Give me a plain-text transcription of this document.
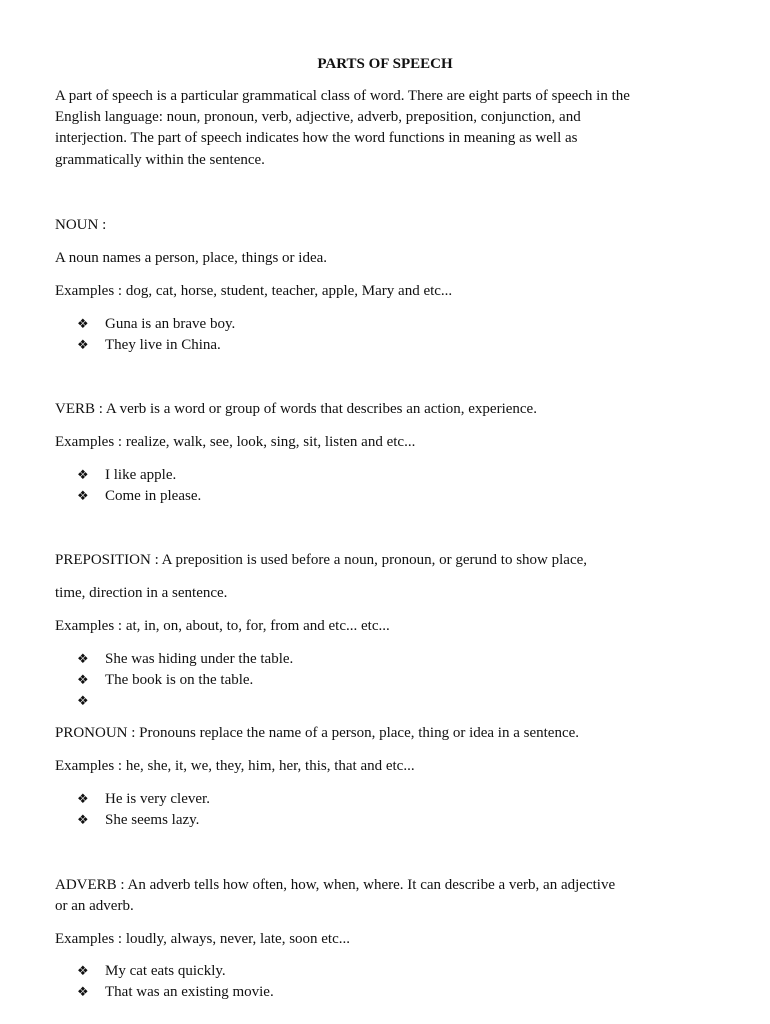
PARTS OF SPEECH

A part of speech is a particular grammatical class of word. There are eight parts of speech in the

English language: noun, pronoun, verb, adjective, adverb, preposition, conjunction, and

interjection. The part of speech indicates how the word functions in meaning as well as

grammatically within the sentence.

NOUN :

A noun names a person, place, things or idea.

Examples : dog, cat, horse, student, teacher, apple, Mary and etc...

❖ Guna is an brave boy.
❖ They live in China.

VERB : A verb is a word or group of words that describes an action, experience.

Examples : realize, walk, see, look, sing, sit, listen and etc...

❖ I like apple.
❖ Come in please.

PREPOSITION : A preposition is used before a noun, pronoun, or gerund to show place,

time, direction in a sentence.

Examples : at, in, on, about, to, for, from and etc... etc...

❖ She was hiding under the table.
❖ The book is on the table.
❖

PRONOUN : Pronouns replace the name of a person, place, thing or idea in a sentence.

Examples : he, she, it, we, they, him, her, this, that and etc...

❖ He is very clever.
❖ She seems lazy.

ADVERB : An adverb tells how often, how, when, where. It can describe a verb, an adjective

or an adverb.

Examples : loudly, always, never, late, soon etc...

❖ My cat eats quickly.
❖ That was an existing movie.
